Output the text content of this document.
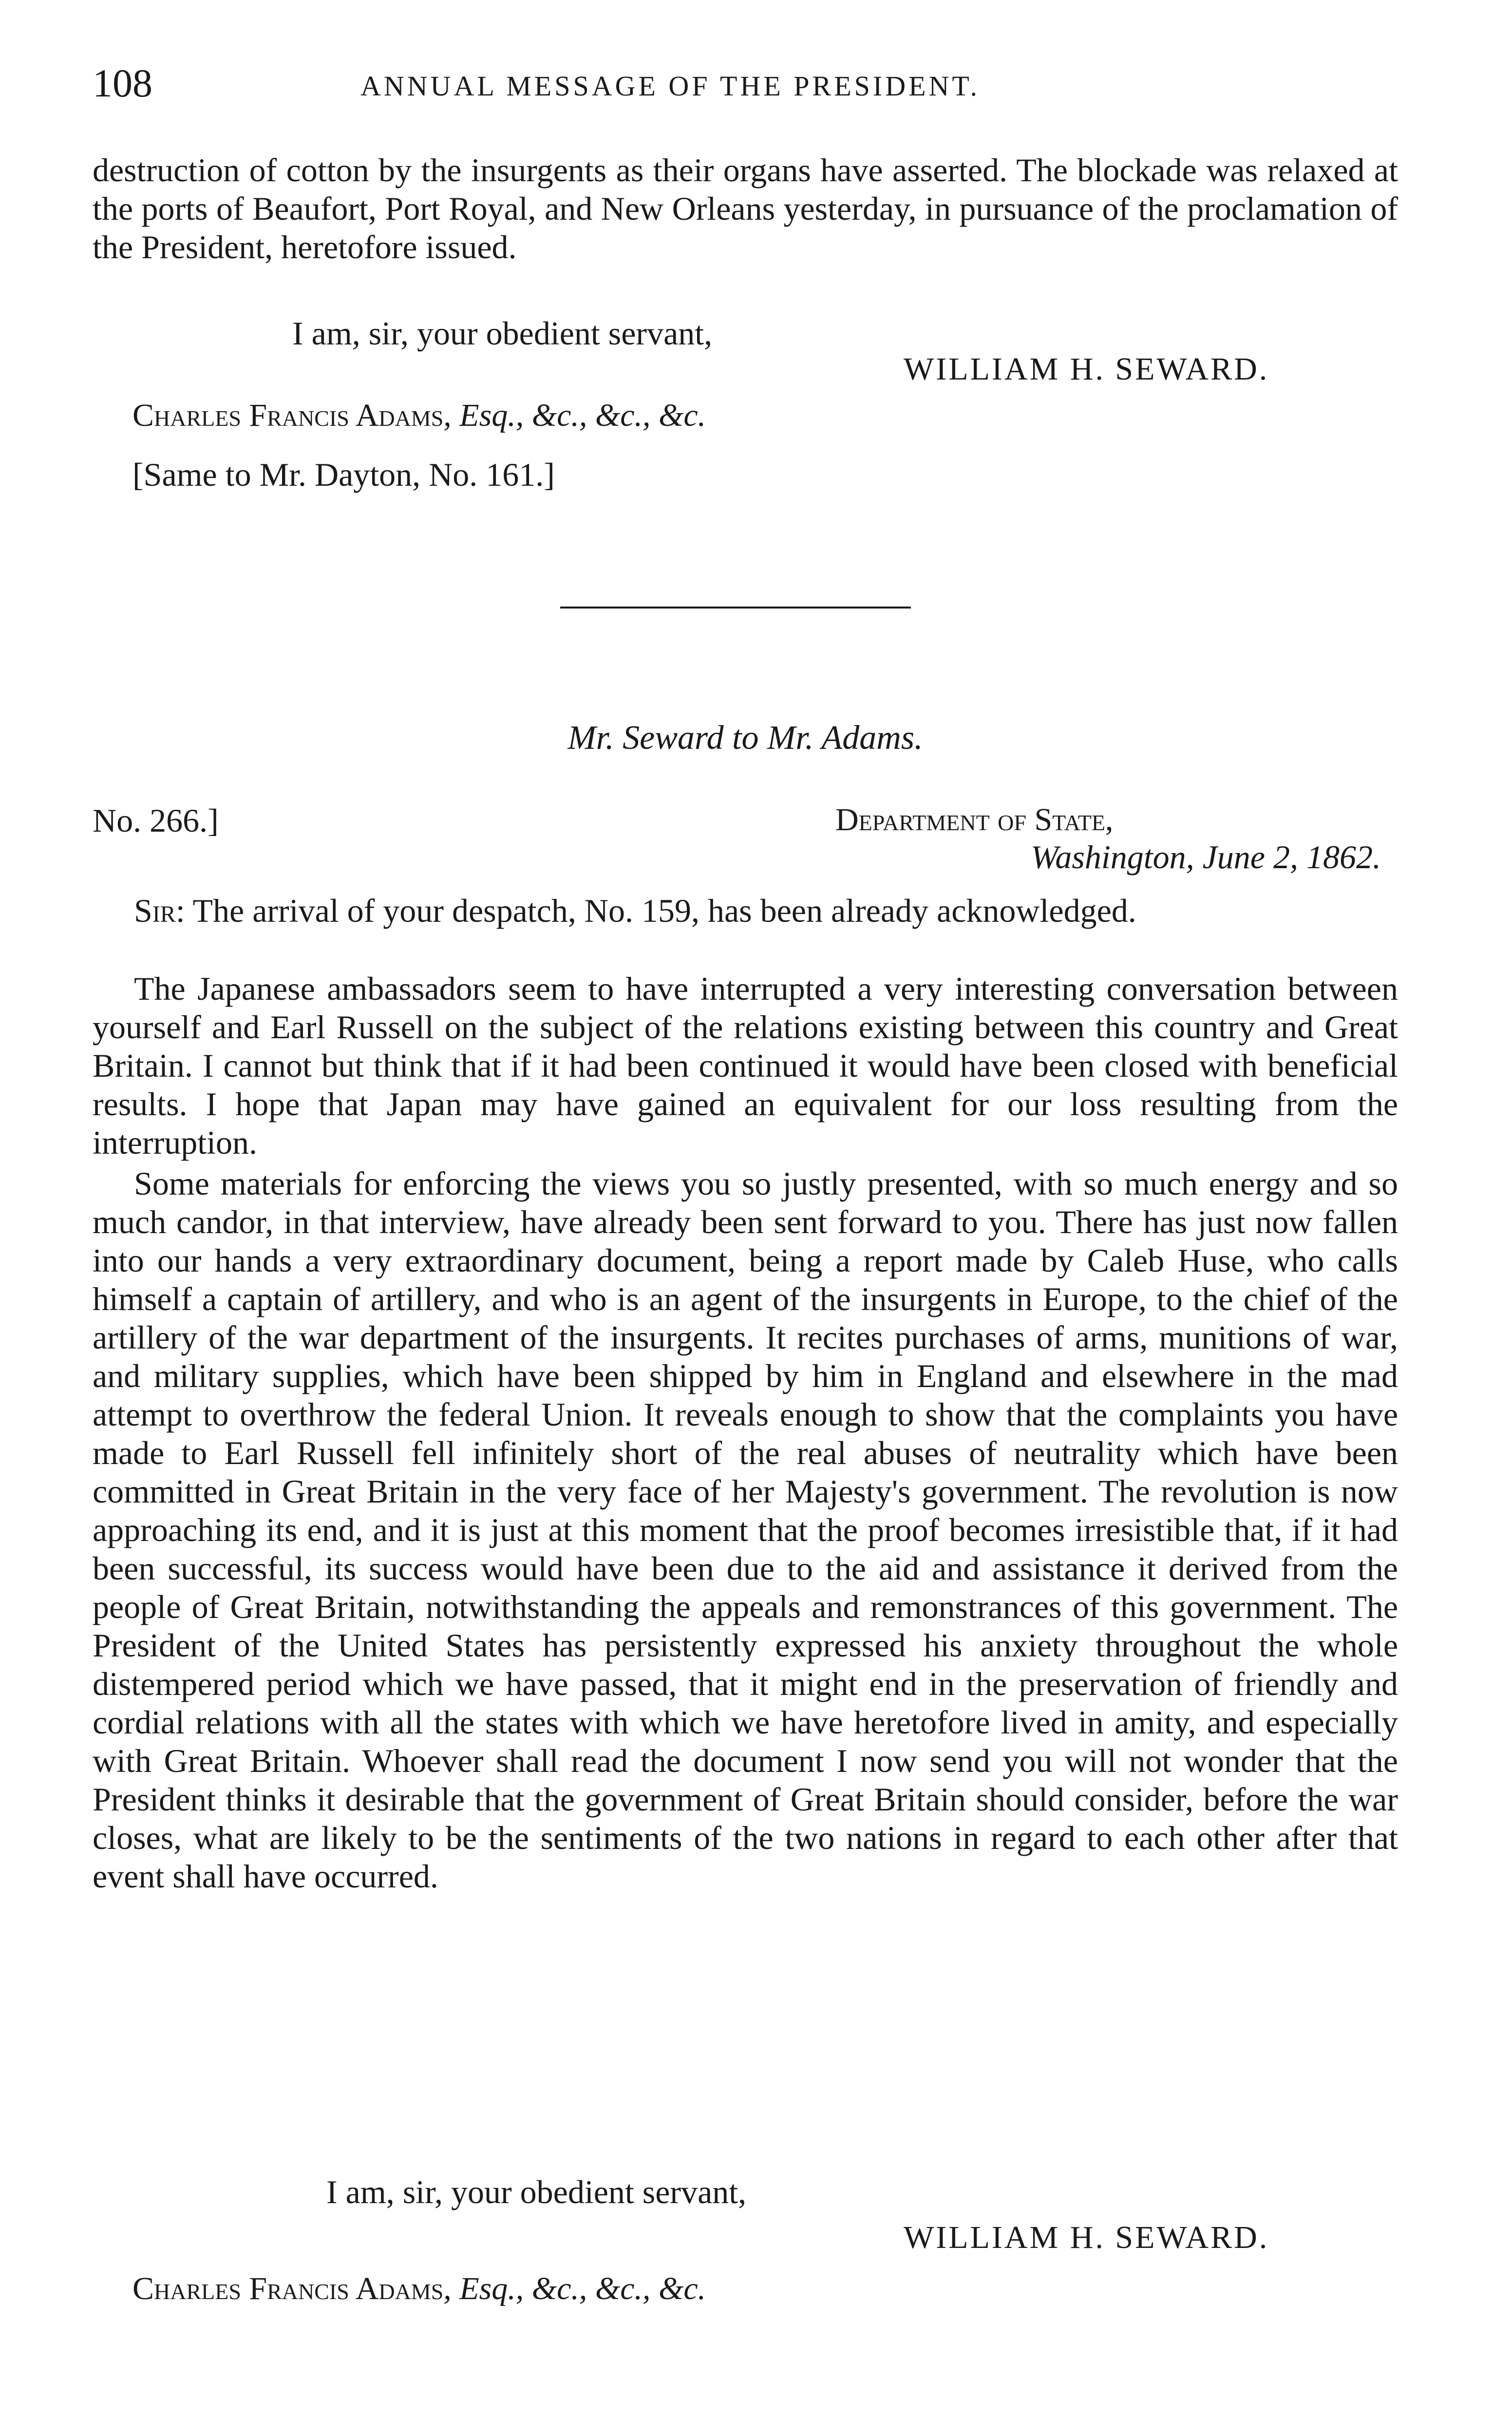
108	ANNUAL MESSAGE OF THE PRESIDENT.

destruction of cotton by the insurgents as their organs have asserted. The blockade was relaxed at the ports of Beaufort, Port Royal, and New Orleans yesterday, in pursuance of the proclamation of the President, heretofore issued.

I am, sir, your obedient servant,
WILLIAM H. SEWARD.
Charles Francis Adams, Esq., &c., &c., &c.
[Same to Mr. Dayton, No. 161.]
Mr. Seward to Mr. Adams.
No. 266.]	Department of State,
Washington, June 2, 1862.

Sir: The arrival of your despatch, No. 159, has been already acknowledged.

The Japanese ambassadors seem to have interrupted a very interesting conversation between yourself and Earl Russell on the subject of the relations existing between this country and Great Britain. I cannot but think that if it had been continued it would have been closed with beneficial results. I hope that Japan may have gained an equivalent for our loss resulting from the interruption.

Some materials for enforcing the views you so justly presented, with so much energy and so much candor, in that interview, have already been sent forward to you. There has just now fallen into our hands a very extraordinary document, being a report made by Caleb Huse, who calls himself a captain of artillery, and who is an agent of the insurgents in Europe, to the chief of the artillery of the war department of the insurgents. It recites purchases of arms, munitions of war, and military supplies, which have been shipped by him in England and elsewhere in the mad attempt to overthrow the federal Union. It reveals enough to show that the complaints you have made to Earl Russell fell infinitely short of the real abuses of neutrality which have been committed in Great Britain in the very face of her Majesty's government. The revolution is now approaching its end, and it is just at this moment that the proof becomes irresistible that, if it had been successful, its success would have been due to the aid and assistance it derived from the people of Great Britain, notwithstanding the appeals and remonstrances of this government. The President of the United States has persistently expressed his anxiety throughout the whole distempered period which we have passed, that it might end in the preservation of friendly and cordial relations with all the states with which we have heretofore lived in amity, and especially with Great Britain. Whoever shall read the document I now send you will not wonder that the President thinks it desirable that the government of Great Britain should consider, before the war closes, what are likely to be the sentiments of the two nations in regard to each other after that event shall have occurred.

I am, sir, your obedient servant,
WILLIAM H. SEWARD.
Charles Francis Adams, Esq., &c., &c., &c.
